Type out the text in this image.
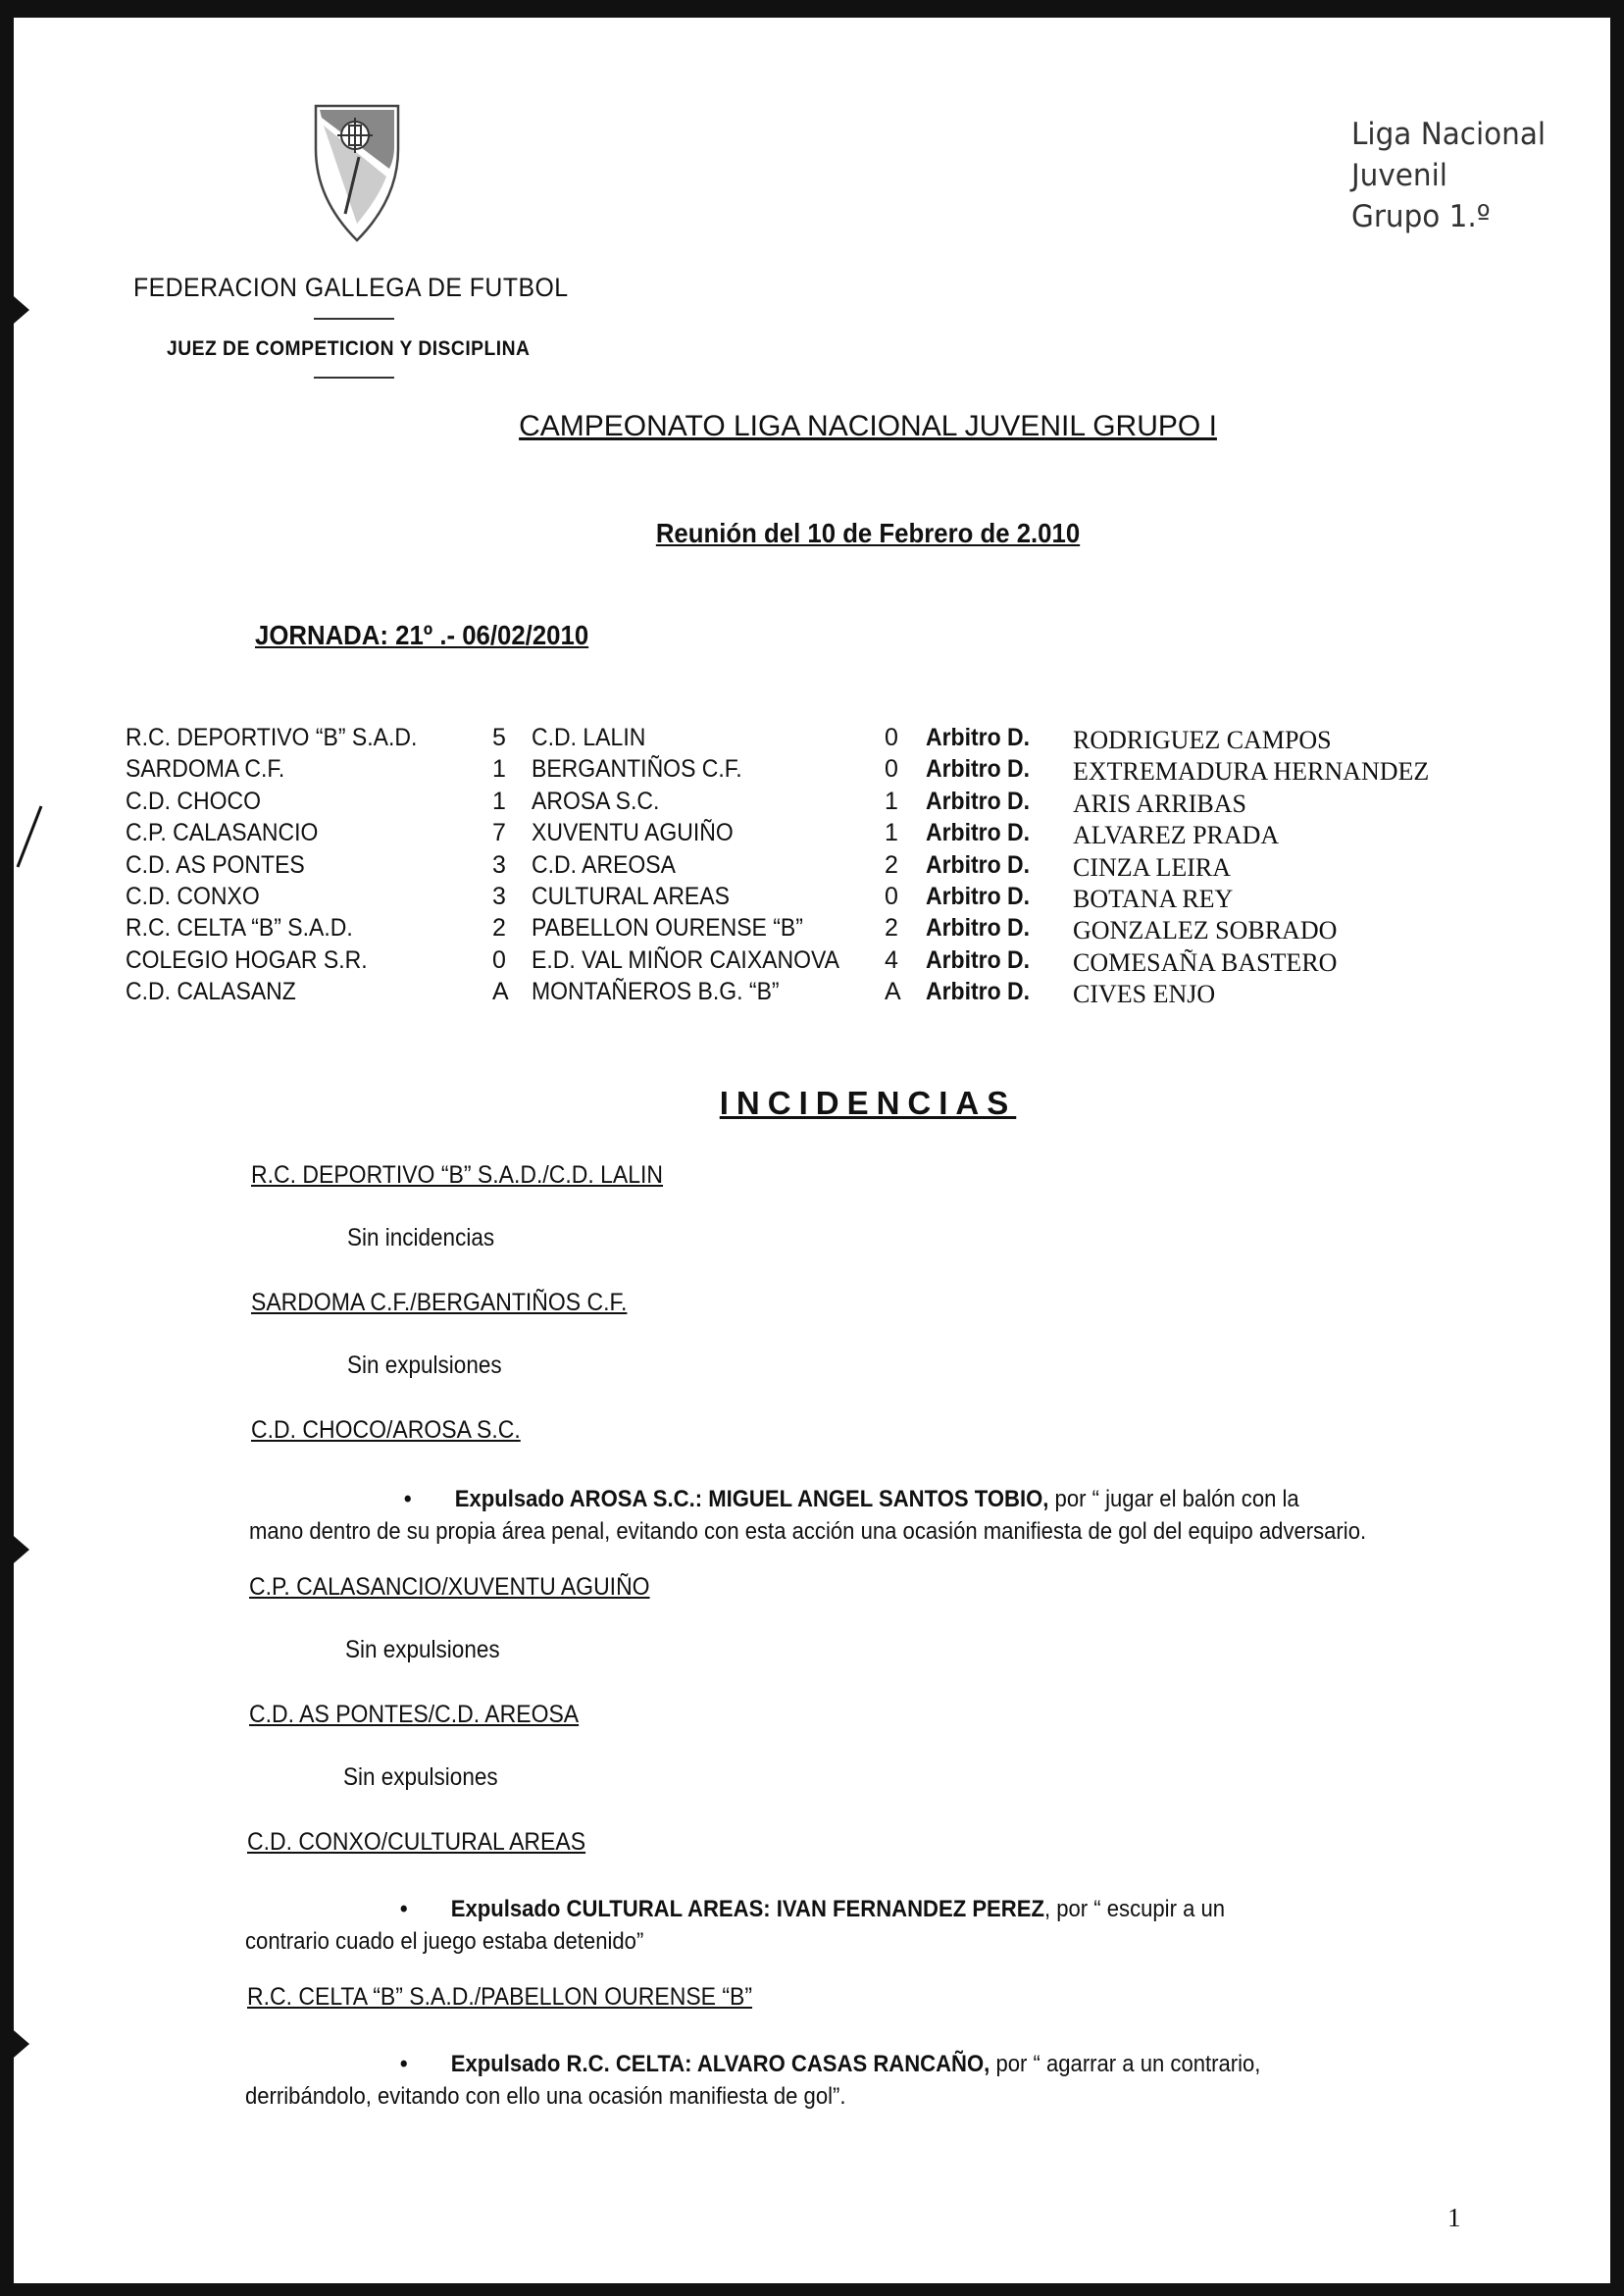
FEDERACION GALLEGA DE FUTBOL
JUEZ DE COMPETICION Y DISCIPLINA
Liga Nacional
Juvenil
Grupo 1.º
CAMPEONATO LIGA NACIONAL JUVENIL GRUPO I
Reunión del 10 de Febrero de 2.010
JORNADA: 21º .- 06/02/2010
R.C. DEPORTIVO “B” S.A.D.	5 C.D. LALIN	0 Arbitro D. RODRIGUEZ CAMPOS
SARDOMA C.F.	1 BERGANTIÑOS C.F.	0 Arbitro D. EXTREMADURA HERNANDEZ
C.D. CHOCO	1 AROSA S.C.	1 Arbitro D. ARIS ARRIBAS
C.P. CALASANCIO	7 XUVENTU AGUIÑO	1 Arbitro D. ALVAREZ PRADA
C.D. AS PONTES	3 C.D. AREOSA	2 Arbitro D. CINZA LEIRA
C.D. CONXO	3 CULTURAL AREAS	0 Arbitro D. BOTANA REY
R.C. CELTA “B” S.A.D.	2 PABELLON OURENSE “B”	2 Arbitro D. GONZALEZ SOBRADO
COLEGIO HOGAR S.R.	0 E.D. VAL MIÑOR CAIXANOVA 4 Arbitro D. COMESAÑA BASTERO
C.D. CALASANZ	A MONTAÑEROS B.G. “B”	A Arbitro D. CIVES ENJO
INCIDENCIAS
R.C. DEPORTIVO “B” S.A.D./C.D. LALIN
Sin incidencias
SARDOMA C.F./BERGANTIÑOS C.F.
Sin expulsiones
C.D. CHOCO/AROSA S.C.
• Expulsado AROSA S.C.: MIGUEL ANGEL SANTOS TOBIO, por “ jugar el balón con la
mano dentro de su propia área penal, evitando con esta acción una ocasión manifiesta de gol del equipo adversario.
C.P. CALASANCIO/XUVENTU AGUIÑO
Sin expulsiones
C.D. AS PONTES/C.D. AREOSA
Sin expulsiones
C.D. CONXO/CULTURAL AREAS
• Expulsado CULTURAL AREAS: IVAN FERNANDEZ PEREZ, por “ escupir a un
contrario cuado el juego estaba detenido”
R.C. CELTA “B” S.A.D./PABELLON OURENSE “B”
• Expulsado R.C. CELTA: ALVARO CASAS RANCAÑO, por “ agarrar a un contrario,
derribándolo, evitando con ello una ocasión manifiesta de gol”.
1
